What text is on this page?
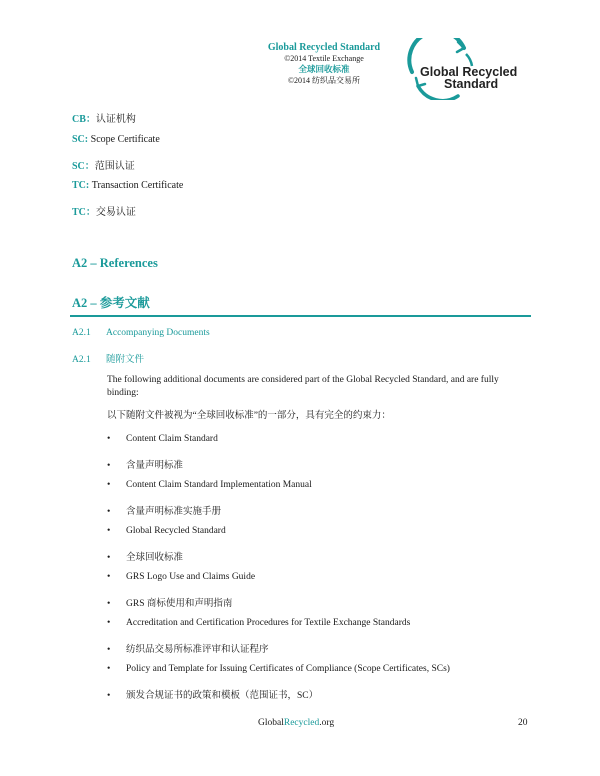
Global Recycled Standard
©2014 Textile Exchange
全球回收标准
©2014 纺织品交易所
Global Recycled
Standard
CB：认证机构
SC: Scope Certificate
SC：范围认证
TC: Transaction Certificate
TC：交易认证
A2 – References
A2 – 参考文献
A2.1 Accompanying Documents
A2.1 随附文件
The following additional documents are considered part of the Global Recycled Standard, and are fully binding:
以下随附文件被视为“全球回收标准”的一部分，具有完全的约束力：
• Content Claim Standard
• 含量声明标准
• Content Claim Standard Implementation Manual
• 含量声明标准实施手册
• Global Recycled Standard
• 全球回收标准
• GRS Logo Use and Claims Guide
• GRS 商标使用和声明指南
• Accreditation and Certification Procedures for Textile Exchange Standards
• 纺织品交易所标准评审和认证程序
• Policy and Template for Issuing Certificates of Compliance (Scope Certificates, SCs)
• 颁发合规证书的政策和模板（范围证书，SC）
GlobalRecycled.org	20
